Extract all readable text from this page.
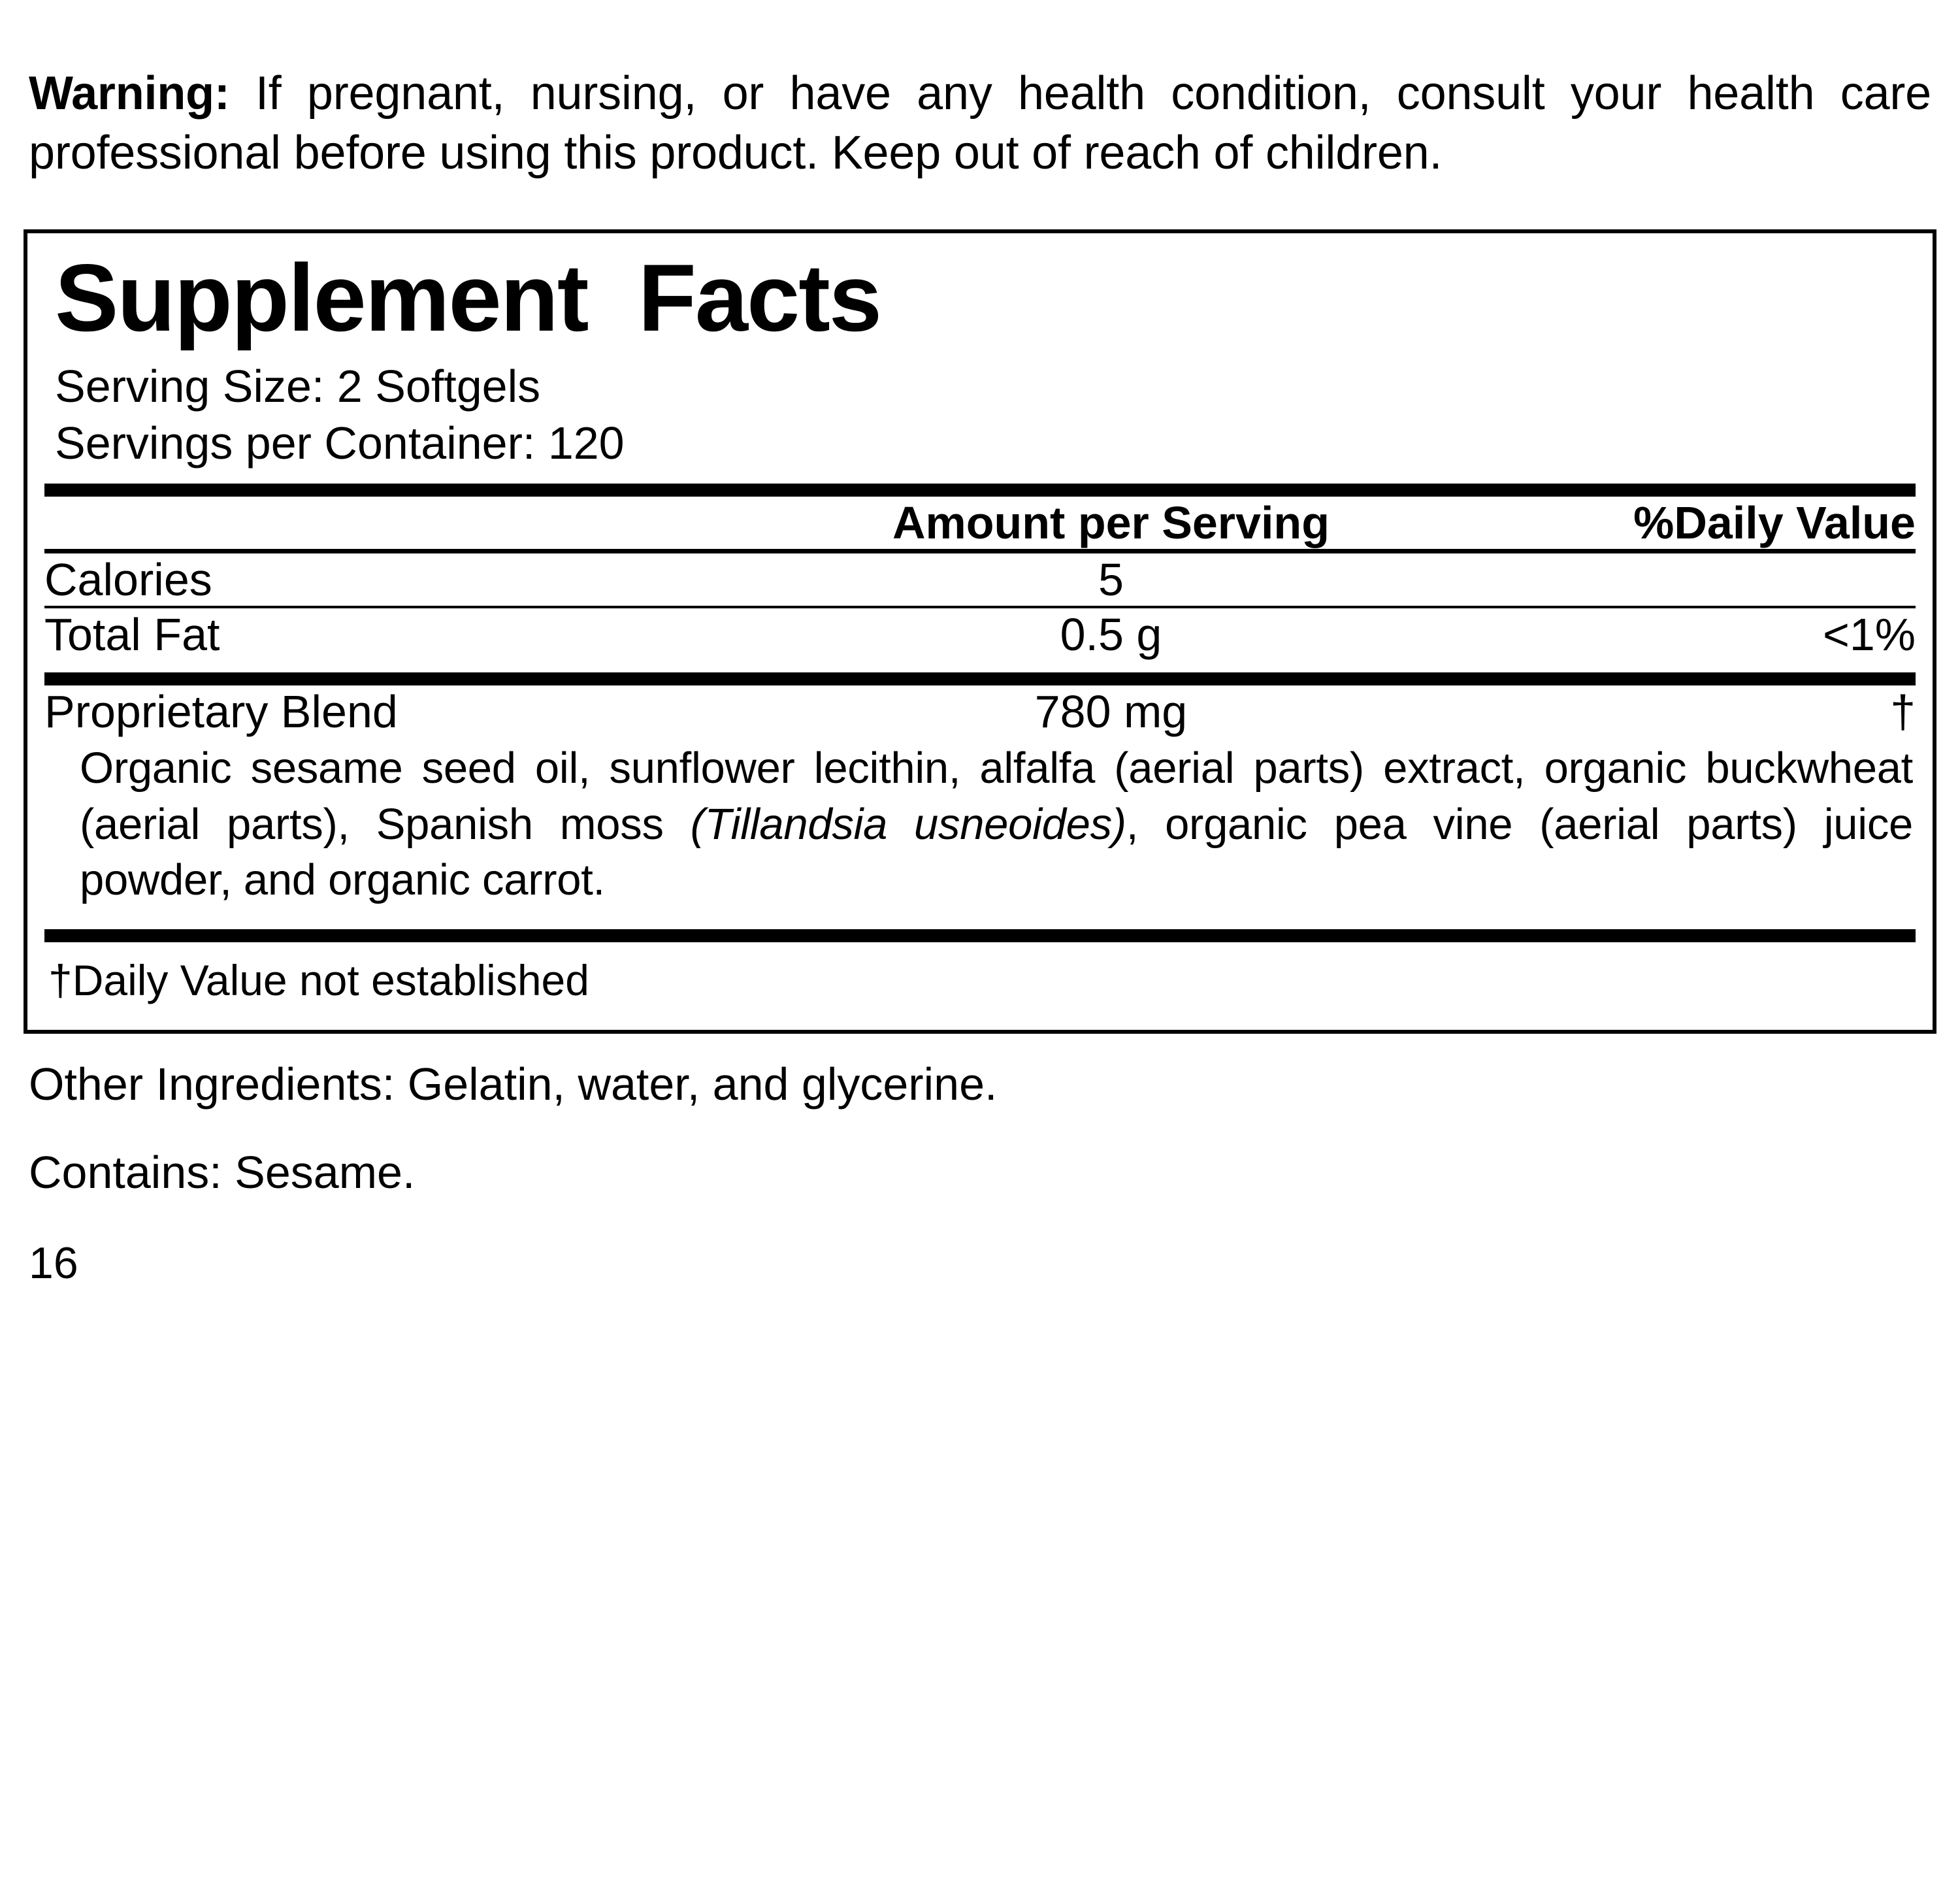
Warning: If pregnant, nursing, or have any health condition, consult your health care professional before using this product. Keep out of reach of children.

Supplement  Facts
Serving Size: 2 Softgels
Servings per Container: 120
	Amount per Serving	%Daily Value
Calories	5	
Total Fat	0.5 g	<1%
Proprietary Blend	780 mg	†
Organic sesame seed oil, sunflower lecithin, alfalfa (aerial parts) extract, organic buckwheat (aerial parts), Spanish moss (Tillandsia usneoides), organic pea vine (aerial parts) juice powder, and organic carrot.
†Daily Value not established
Other Ingredients: Gelatin, water, and glycerine.
Contains: Sesame.
16
